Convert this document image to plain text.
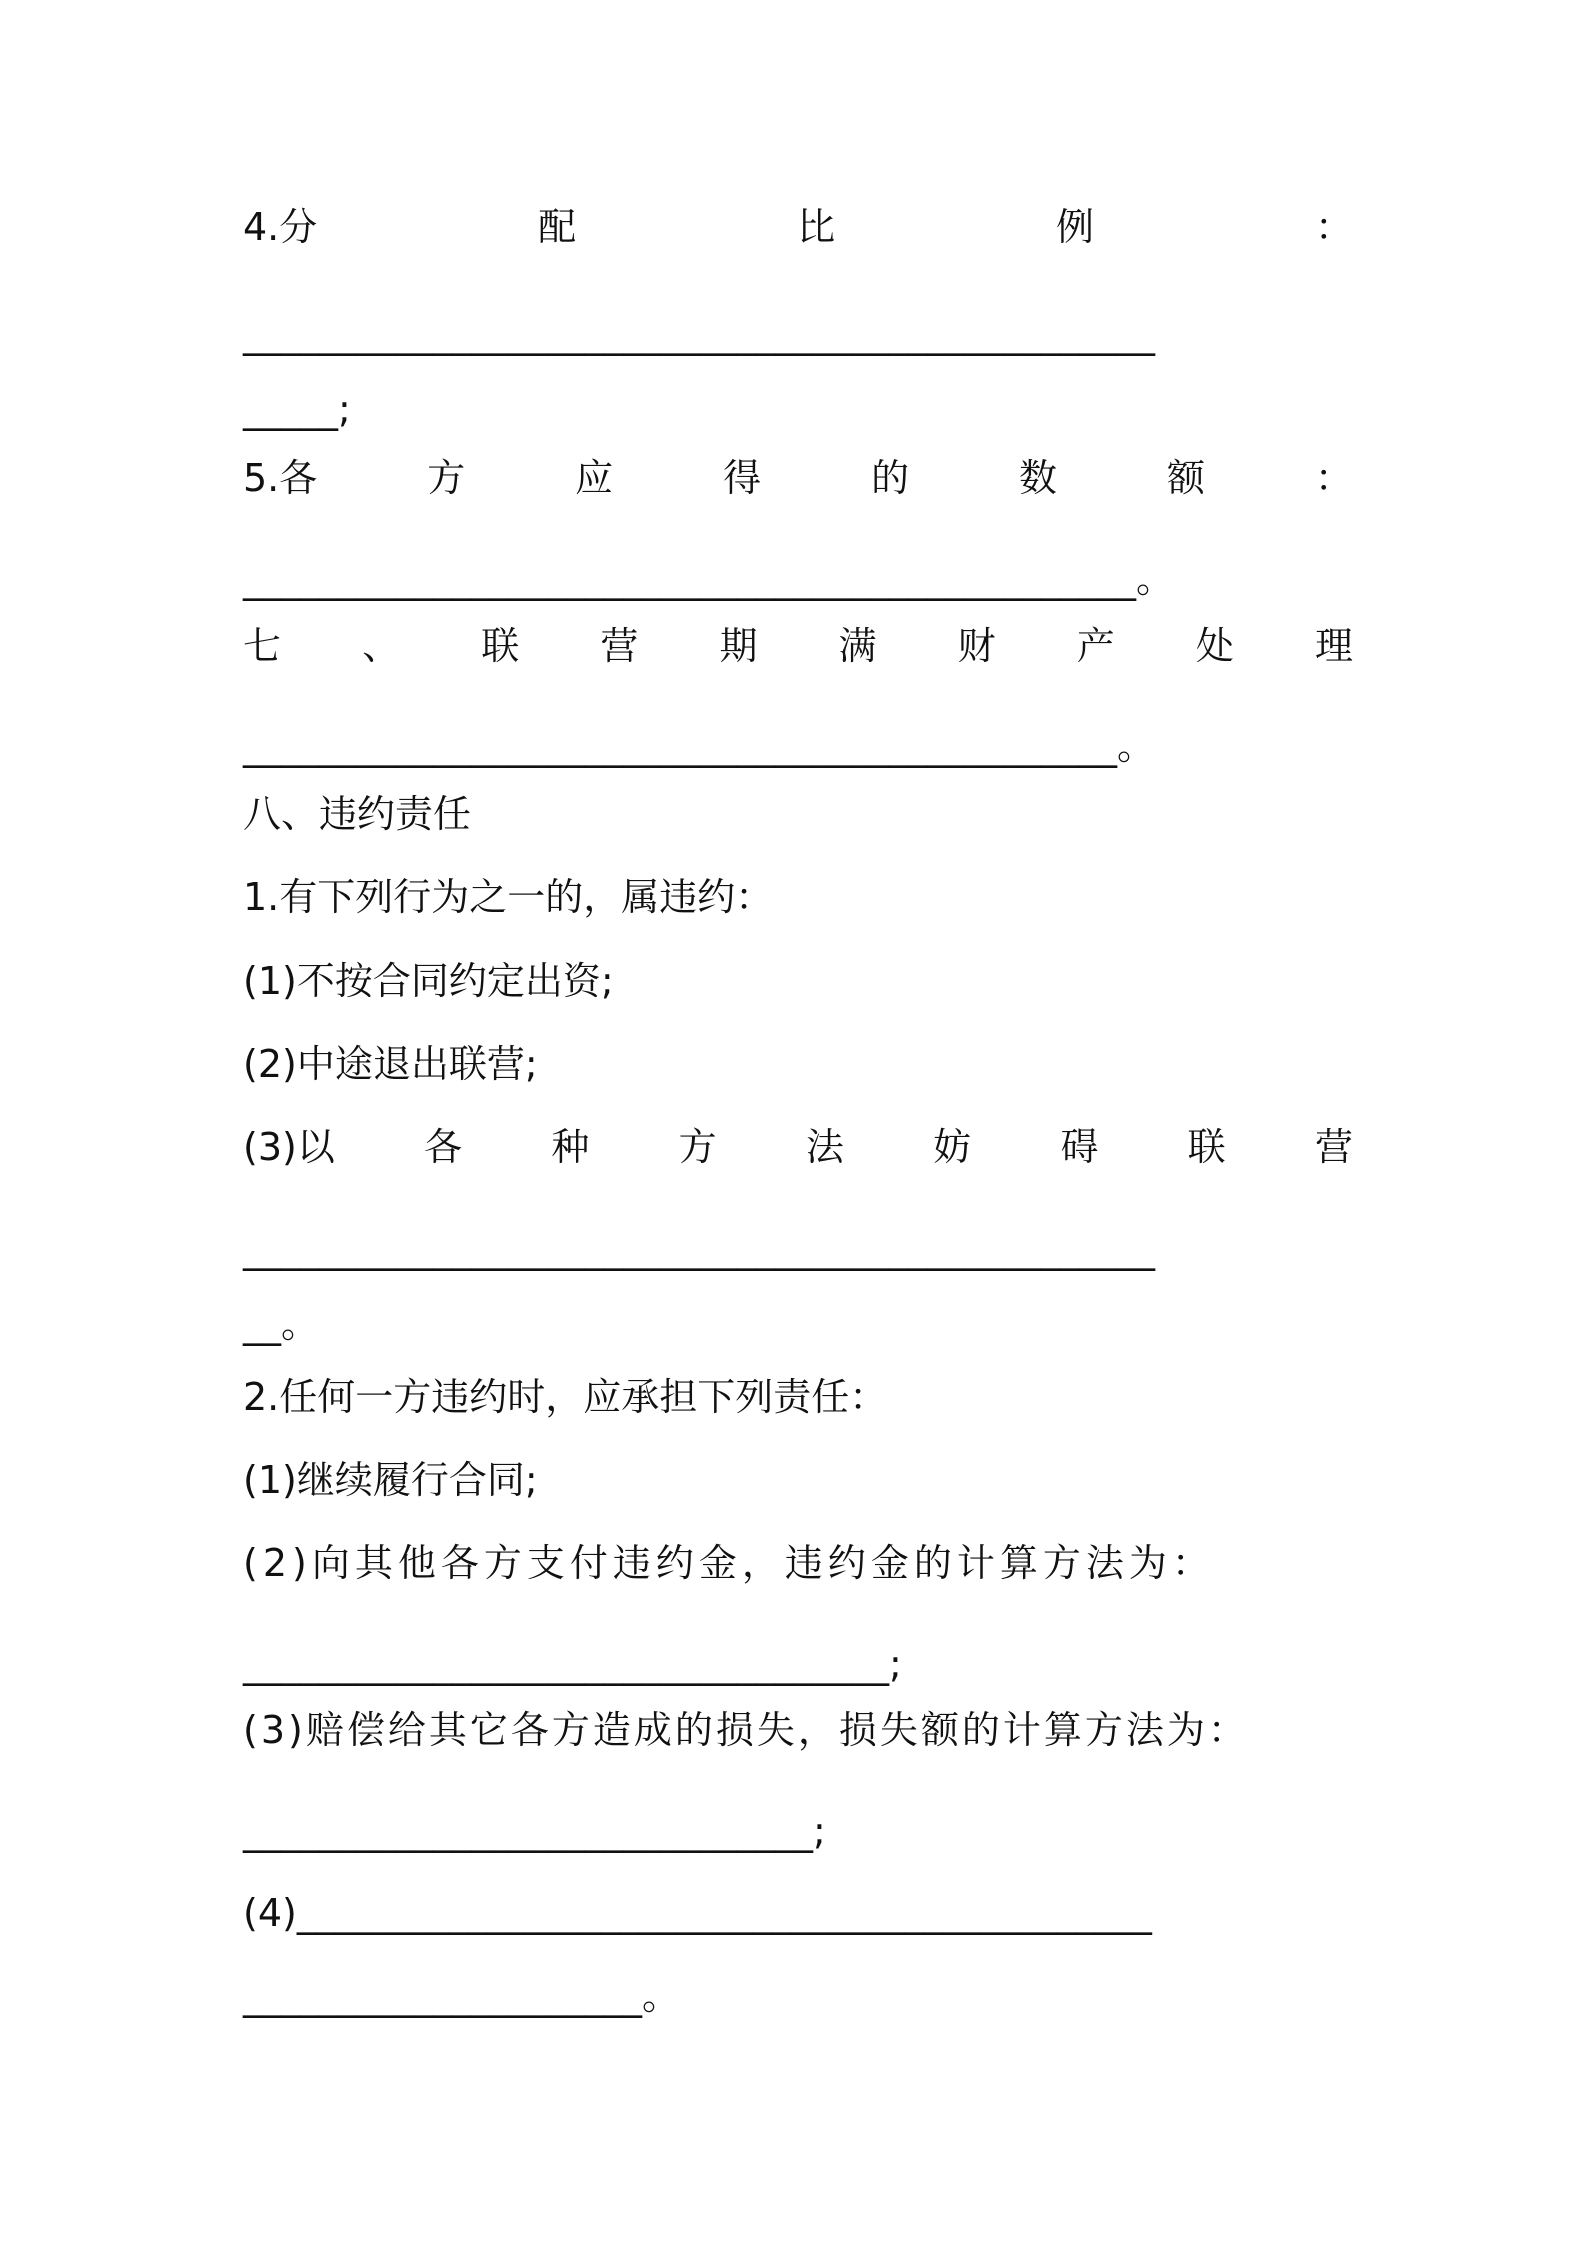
4.分	配	比	例	：
________________________________________________
_____;
5.各	方	应	得	的	数	额	：
_______________________________________________。
七 、 联 营 期 满 财 产 处 理
______________________________________________。
八、违约责任
1.有下列行为之一的，属违约：
(1)不按合同约定出资;
(2)中途退出联营;
(3)以 各 种 方 法 妨 碍 联 营
________________________________________________
__。
2.任何一方违约时，应承担下列责任：
(1)继续履行合同;
(2)向其他各方支付违约金，违约金的计算方法为：
__________________________________;
(3)赔偿给其它各方造成的损失，损失额的计算方法为：
______________________________;
(4)_____________________________________________
_____________________。
